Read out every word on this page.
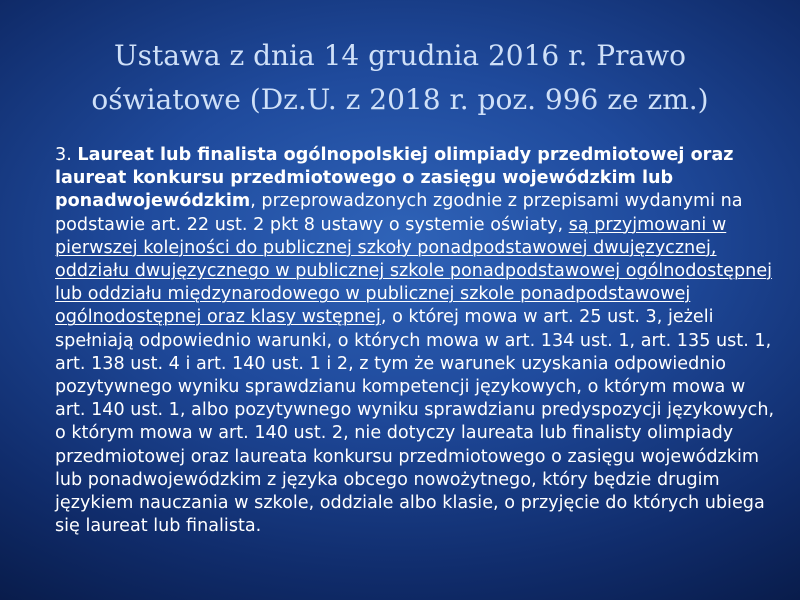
Ustawa z dnia 14 grudnia 2016 r. Prawo
oświatowe (Dz.U. z 2018 r. poz. 996 ze zm.)

3. Laureat lub finalista ogólnopolskiej olimpiady przedmiotowej oraz laureat konkursu przedmiotowego o zasięgu wojewódzkim lub ponadwojewódzkim, przeprowadzonych zgodnie z przepisami wydanymi na podstawie art. 22 ust. 2 pkt 8 ustawy o systemie oświaty, są przyjmowani w pierwszej kolejności do publicznej szkoły ponadpodstawowej dwujęzycznej, oddziału dwujęzycznego w publicznej szkole ponadpodstawowej ogólnodostępnej lub oddziału międzynarodowego w publicznej szkole ponadpodstawowej ogólnodostępnej oraz klasy wstępnej, o której mowa w art. 25 ust. 3, jeżeli spełniają odpowiednio warunki, o których mowa w art. 134 ust. 1, art. 135 ust. 1, art. 138 ust. 4 i art. 140 ust. 1 i 2, z tym że warunek uzyskania odpowiednio pozytywnego wyniku sprawdzianu kompetencji językowych, o którym mowa w art. 140 ust. 1, albo pozytywnego wyniku sprawdzianu predyspozycji językowych, o którym mowa w art. 140 ust. 2, nie dotyczy laureata lub finalisty olimpiady przedmiotowej oraz laureata konkursu przedmiotowego o zasięgu wojewódzkim lub ponadwojewódzkim z języka obcego nowożytnego, który będzie drugim językiem nauczania w szkole, oddziale albo klasie, o przyjęcie do których ubiega się laureat lub finalista.
